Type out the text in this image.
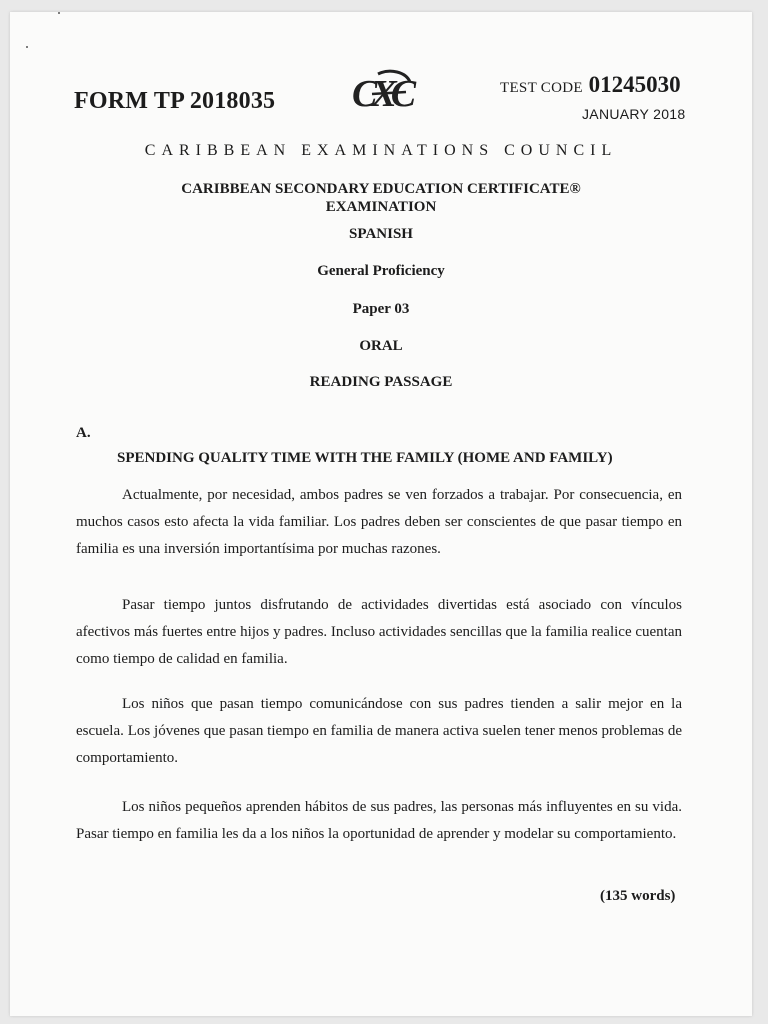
FORM TP 2018035 CXC	TEST CODE 01245030
JANUARY 2018
CARIBBEAN EXAMINATIONS COUNCIL
CARIBBEAN SECONDARY EDUCATION CERTIFICATE®
EXAMINATION
SPANISH
General Proficiency
Paper 03
ORAL
READING PASSAGE
A.
SPENDING QUALITY TIME WITH THE FAMILY (HOME AND FAMILY)

Actualmente, por necesidad, ambos padres se ven forzados a trabajar. Por consecuencia, en muchos casos esto afecta la vida familiar. Los padres deben ser conscientes de que pasar tiempo en familia es una inversión importantísima por muchas razones.

Pasar tiempo juntos disfrutando de actividades divertidas está asociado con vínculos afectivos más fuertes entre hijos y padres. Incluso actividades sencillas que la familia realice cuentan como tiempo de calidad en familia.

Los niños que pasan tiempo comunicándose con sus padres tienden a salir mejor en la escuela. Los jóvenes que pasan tiempo en familia de manera activa suelen tener menos problemas de comportamiento.

Los niños pequeños aprenden hábitos de sus padres, las personas más influyentes en su vida. Pasar tiempo en familia les da a los niños la oportunidad de aprender y modelar su comportamiento.

(135 words)
